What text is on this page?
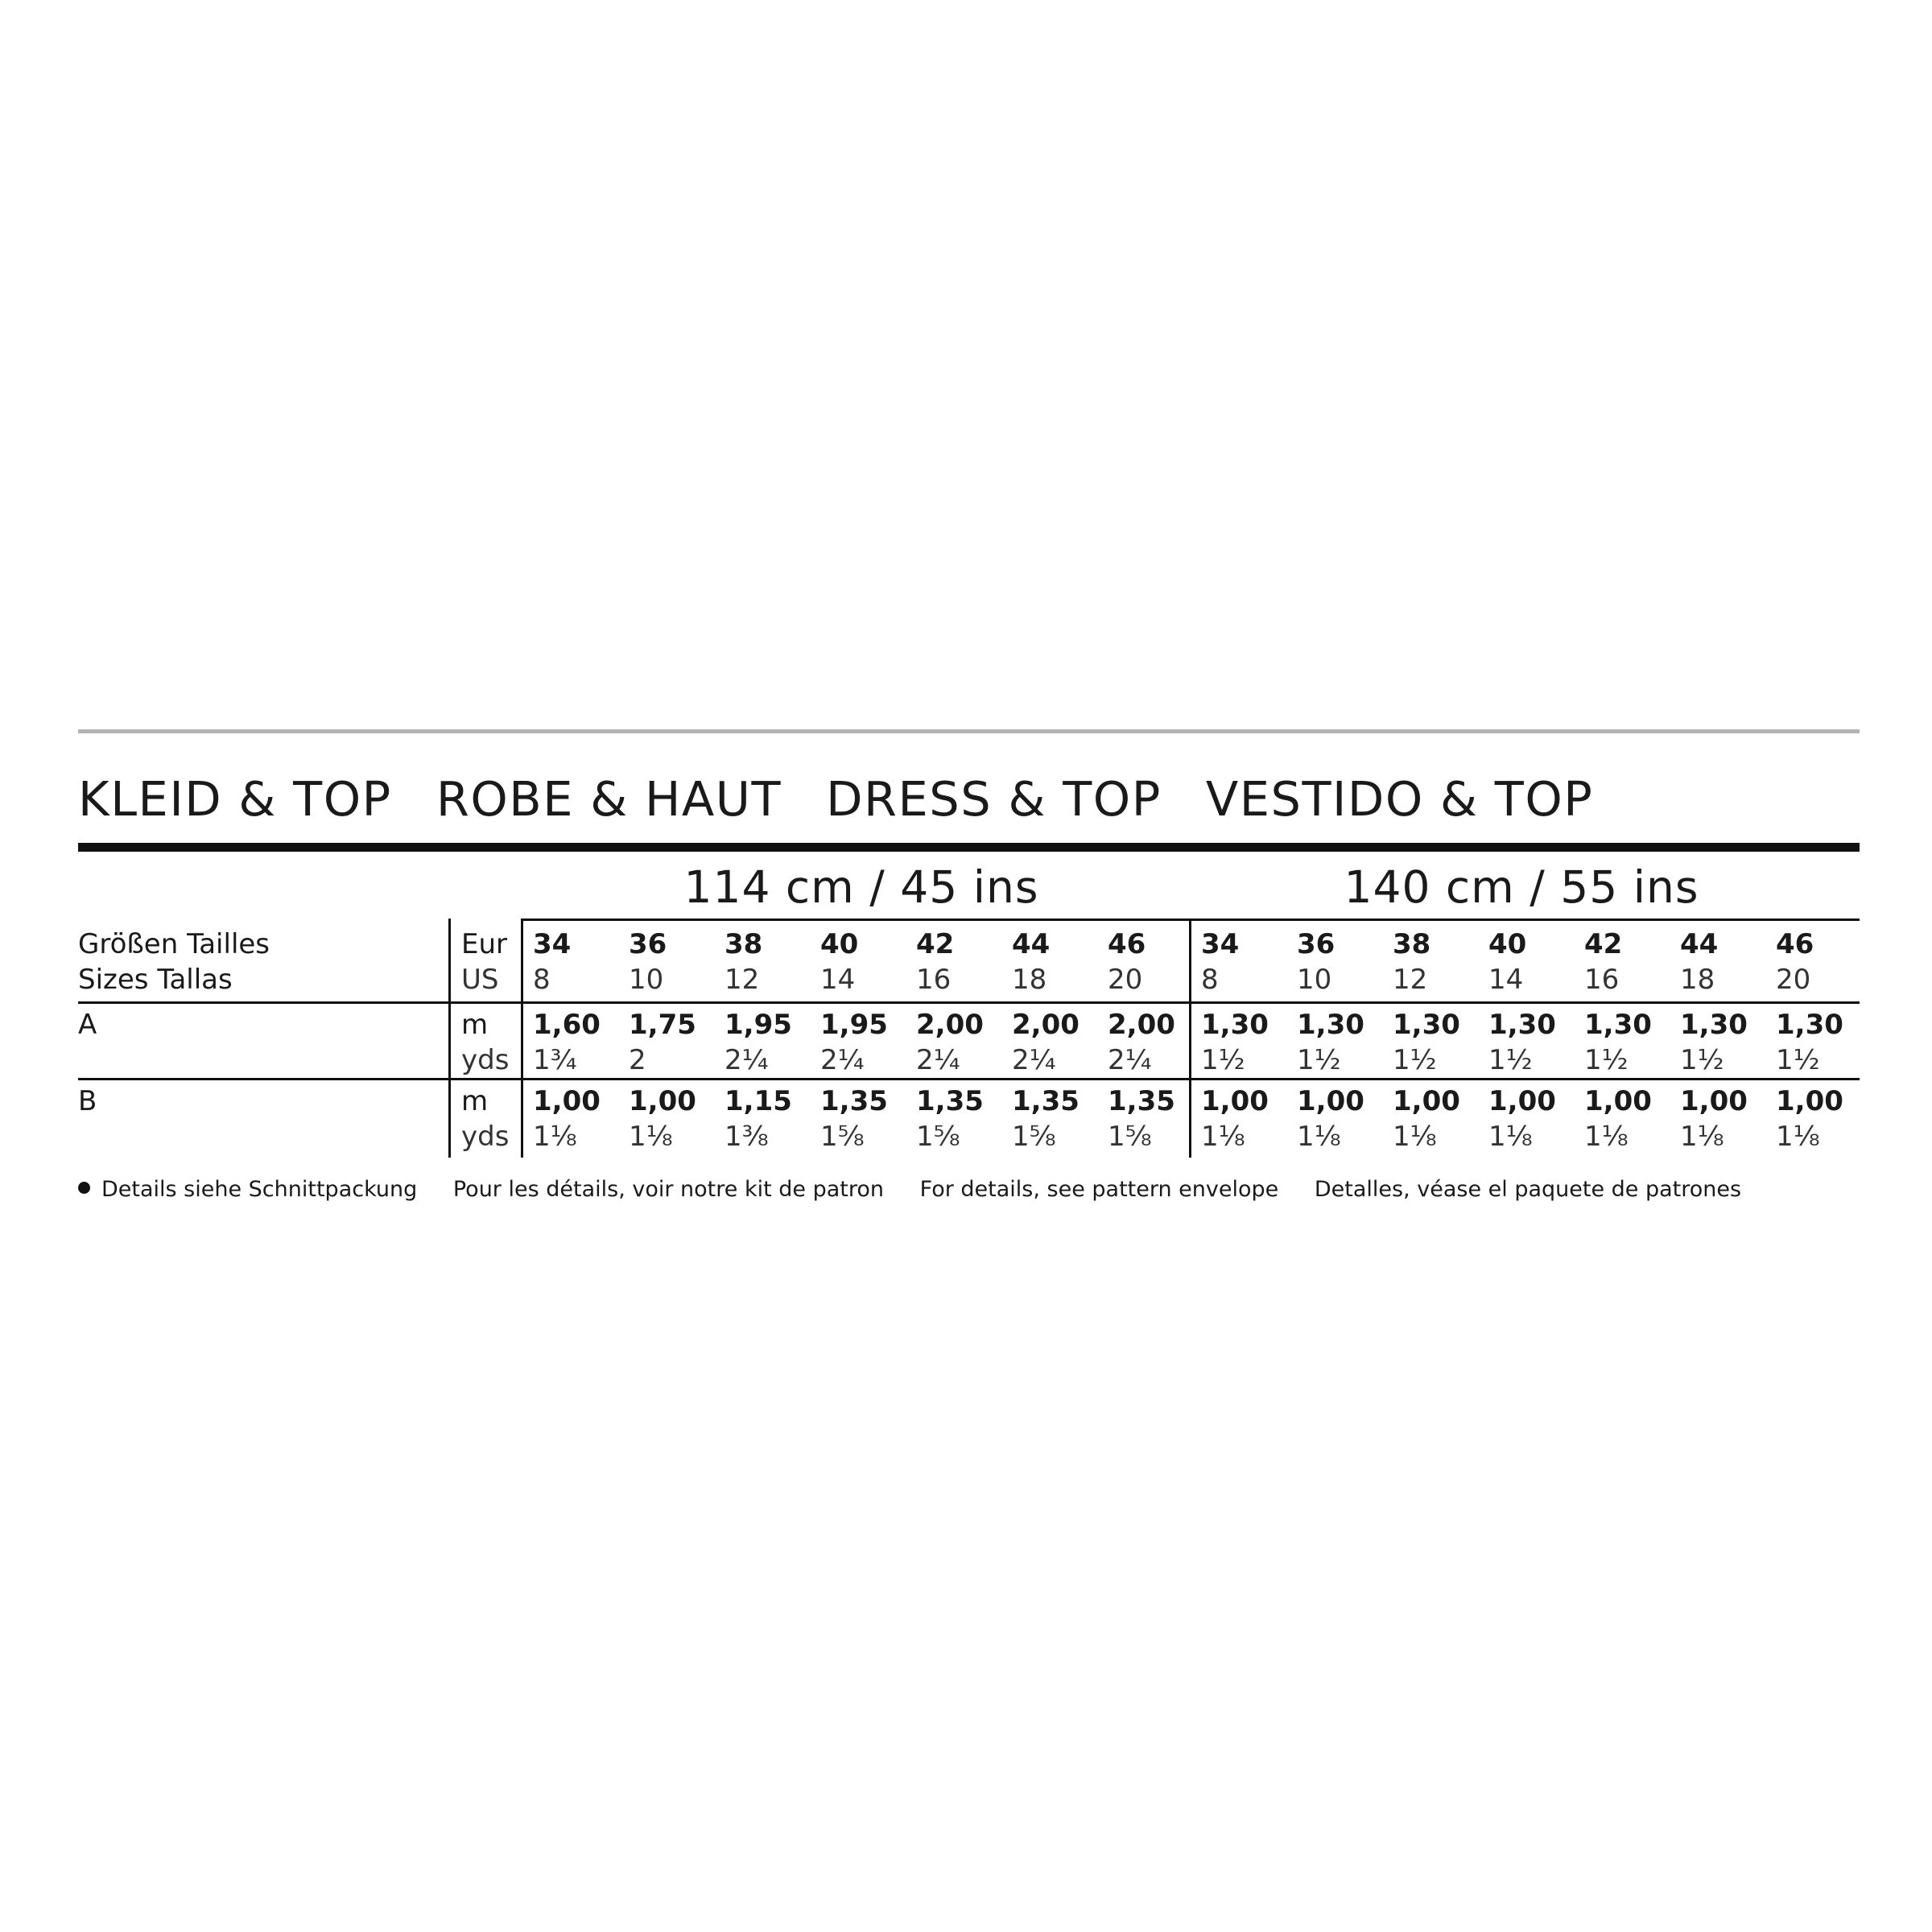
KLEID & TOP ROBE & HAUT DRESS & TOP VESTIDO & TOP
114 cm / 45 ins	140 cm / 55 ins
Größen Tailles
Sizes Tallas
Eur
US
34
8
34
8
36
10
36
10
38
12
38
12
40
14
40
14
42
16
42
16
44
18
44
18
46
20
46
20
A
B
m
yds
m
yds
1,60
1¾
1,30
1½
1,75
2
1,30
1½
1,95
2¼
1,30
1½
1,95
2¼
1,30
1½
2,00
2¼
1,30
1½
2,00
2¼
1,30
1½
2,00
2¼
1,30
1½
1,00
1⅛
1,00
1⅛
1,00
1⅛
1,00
1⅛
1,15
1⅜
1,00
1⅛
1,35
1⅝
1,00
1⅛
1,35
1⅝
1,00
1⅛
1,35
1⅝
1,00
1⅛
1,35
1⅝
1,00
1⅛
Details siehe Schnittpackung Pour les détails, voir notre kit de patron For details, see pattern envelope Detalles, véase el paquete de patrones
